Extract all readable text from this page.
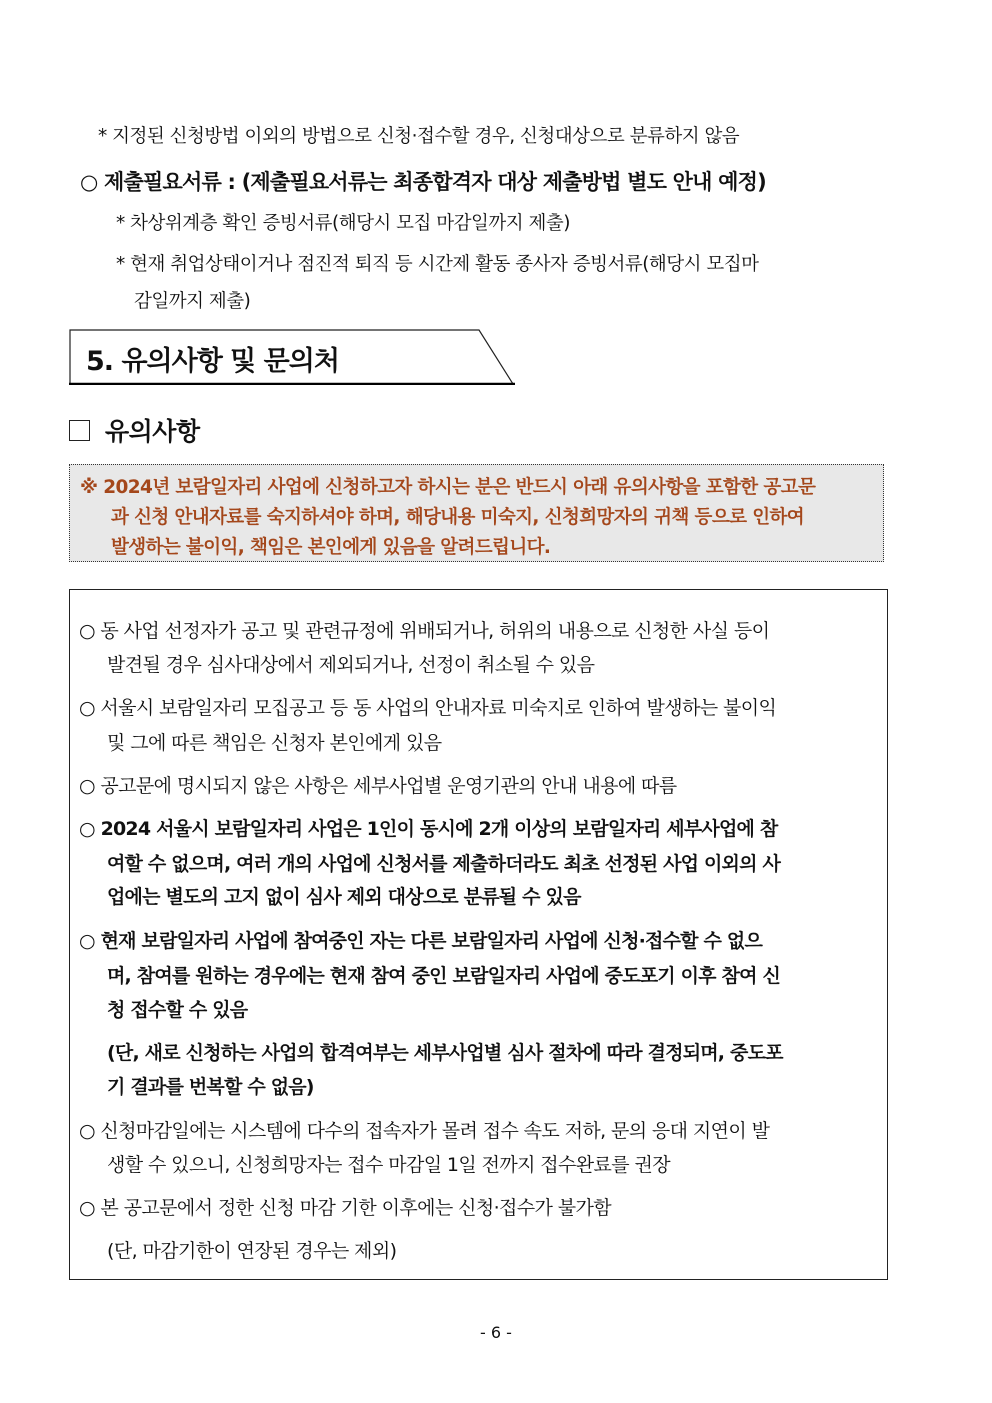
* 지정된 신청방법 이외의 방법으로 신청·접수할 경우, 신청대상으로 분류하지 않음
○ 제출필요서류 : (제출필요서류는 최종합격자 대상 제출방법 별도 안내 예정)
* 차상위계층 확인 증빙서류(해당시 모집 마감일까지 제출)
* 현재 취업상태이거나 점진적 퇴직 등 시간제 활동 종사자 증빙서류(해당시 모집마
감일까지 제출)
5. 유의사항 및 문의처
유의사항
※ 2024년 보람일자리 사업에 신청하고자 하시는 분은 반드시 아래 유의사항을 포함한 공고문
과 신청 안내자료를 숙지하셔야 하며, 해당내용 미숙지, 신청희망자의 귀책 등으로 인하여
발생하는 불이익, 책임은 본인에게 있음을 알려드립니다.
○ 동 사업 선정자가 공고 및 관련규정에 위배되거나, 허위의 내용으로 신청한 사실 등이
발견될 경우 심사대상에서 제외되거나, 선정이 취소될 수 있음
○ 서울시 보람일자리 모집공고 등 동 사업의 안내자료 미숙지로 인하여 발생하는 불이익
및 그에 따른 책임은 신청자 본인에게 있음
○ 공고문에 명시되지 않은 사항은 세부사업별 운영기관의 안내 내용에 따름
○ 2024 서울시 보람일자리 사업은 1인이 동시에 2개 이상의 보람일자리 세부사업에 참
여할 수 없으며, 여러 개의 사업에 신청서를 제출하더라도 최초 선정된 사업 이외의 사
업에는 별도의 고지 없이 심사 제외 대상으로 분류될 수 있음
○ 현재 보람일자리 사업에 참여중인 자는 다른 보람일자리 사업에 신청·접수할 수 없으
며, 참여를 원하는 경우에는 현재 참여 중인 보람일자리 사업에 중도포기 이후 참여 신
청 접수할 수 있음
(단, 새로 신청하는 사업의 합격여부는 세부사업별 심사 절차에 따라 결정되며, 중도포
기 결과를 번복할 수 없음)
○ 신청마감일에는 시스템에 다수의 접속자가 몰려 접수 속도 저하, 문의 응대 지연이 발
생할 수 있으니, 신청희망자는 접수 마감일 1일 전까지 접수완료를 권장
○ 본 공고문에서 정한 신청 마감 기한 이후에는 신청·접수가 불가함
(단, 마감기한이 연장된 경우는 제외)
- 6 -
